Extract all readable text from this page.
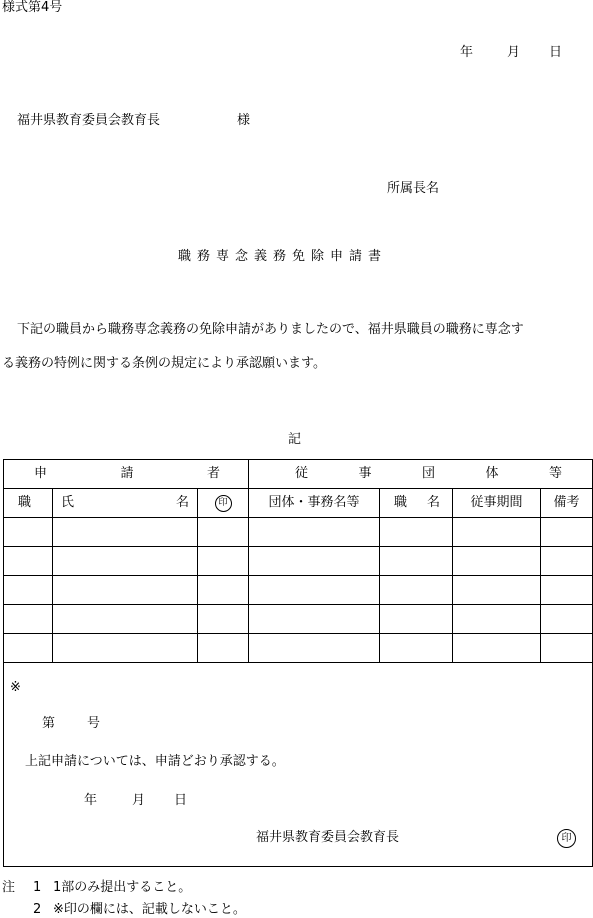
様式第4号
年	月 日
福井県教育委員会教育長	様
所属長名
職務専念義務免除申請書
下記の職員から職務専念義務の免除申請がありましたので、福井県職員の職務に専念す
る義務の特例に関する条例の規定により承認願います。
記
申 請 者			従 事 団 体 等			

職	氏 名	印	団体・事務名等	職 名	従事期間	備考

※
第 号
上記申請については、申請どおり承認する。
年	月 日
福井県教育委員会教育長	印
注 1 1部のみ提出すること。
2 ※印の欄には、記載しないこと。
